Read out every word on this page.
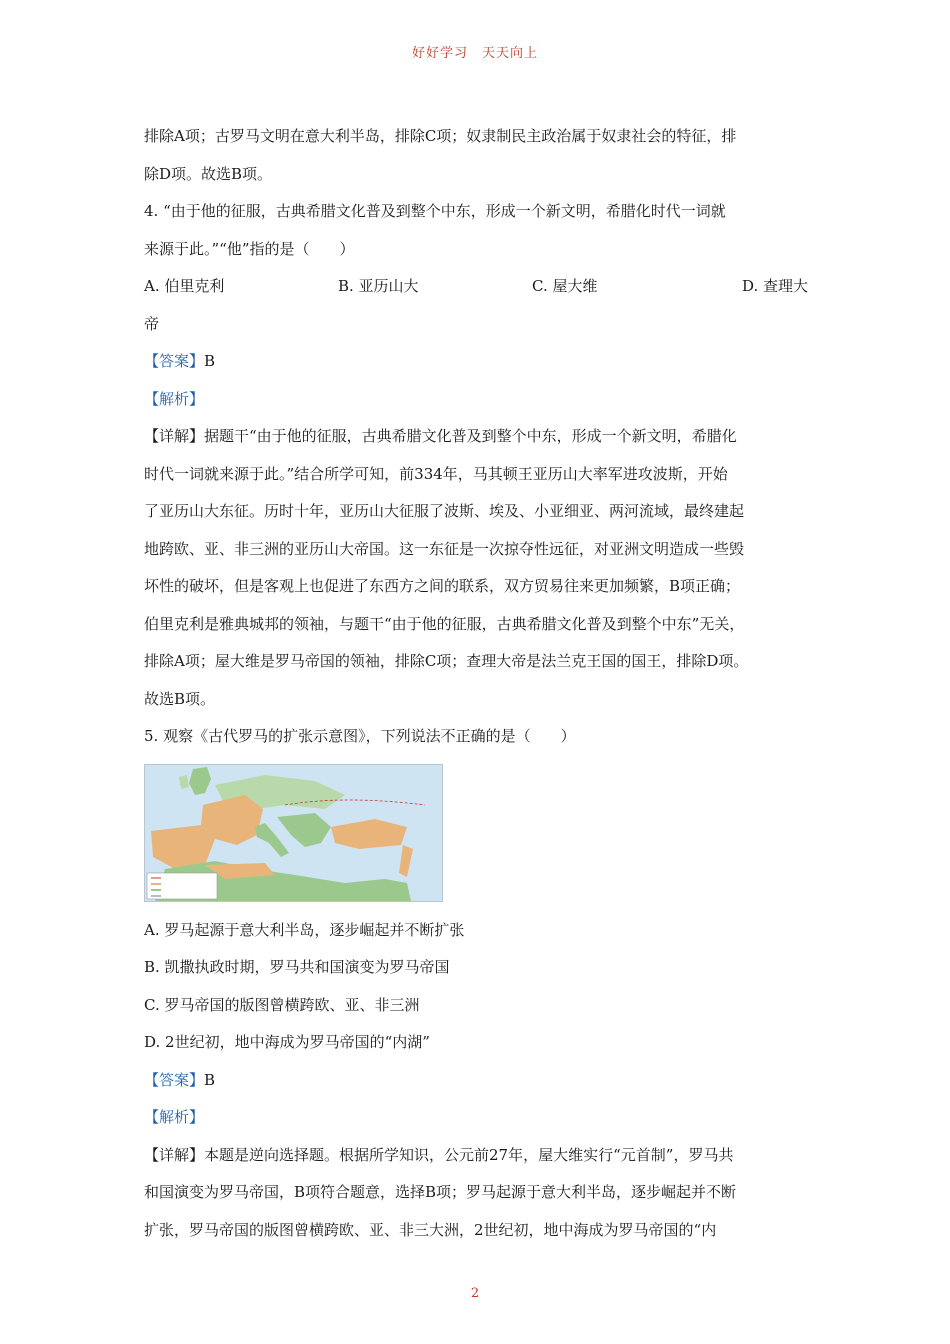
好好学习　天天向上

排除A项；古罗马文明在意大利半岛，排除C项；奴隶制民主政治属于奴隶社会的特征，排

除D项。故选B项。

4. “由于他的征服，古典希腊文化普及到整个中东，形成一个新文明，希腊化时代一词就

来源于此。”“他”指的是（　　）

A. 伯里克利	B. 亚历山大	C. 屋大维	D. 查理大

帝

【答案】B

【解析】

【详解】据题干“由于他的征服，古典希腊文化普及到整个中东，形成一个新文明，希腊化

时代一词就来源于此。”结合所学可知，前334年，马其顿王亚历山大率军进攻波斯，开始

了亚历山大东征。历时十年，亚历山大征服了波斯、埃及、小亚细亚、两河流域，最终建起

地跨欧、亚、非三洲的亚历山大帝国。这一东征是一次掠夺性远征，对亚洲文明造成一些毁

坏性的破坏，但是客观上也促进了东西方之间的联系，双方贸易往来更加频繁，B项正确；

伯里克利是雅典城邦的领袖，与题干“由于他的征服，古典希腊文化普及到整个中东”无关，

排除A项；屋大维是罗马帝国的领袖，排除C项；查理大帝是法兰克王国的国王，排除D项。

故选B项。

5. 观察《古代罗马的扩张示意图》，下列说法不正确的是（　　）

A. 罗马起源于意大利半岛，逐步崛起并不断扩张

B. 凯撒执政时期，罗马共和国演变为罗马帝国

C. 罗马帝国的版图曾横跨欧、亚、非三洲

D. 2世纪初，地中海成为罗马帝国的“内湖”

【答案】B

【解析】

【详解】本题是逆向选择题。根据所学知识，公元前27年，屋大维实行“元首制”，罗马共

和国演变为罗马帝国，B项符合题意，选择B项；罗马起源于意大利半岛，逐步崛起并不断

扩张，罗马帝国的版图曾横跨欧、亚、非三大洲，2世纪初，地中海成为罗马帝国的“内

2
